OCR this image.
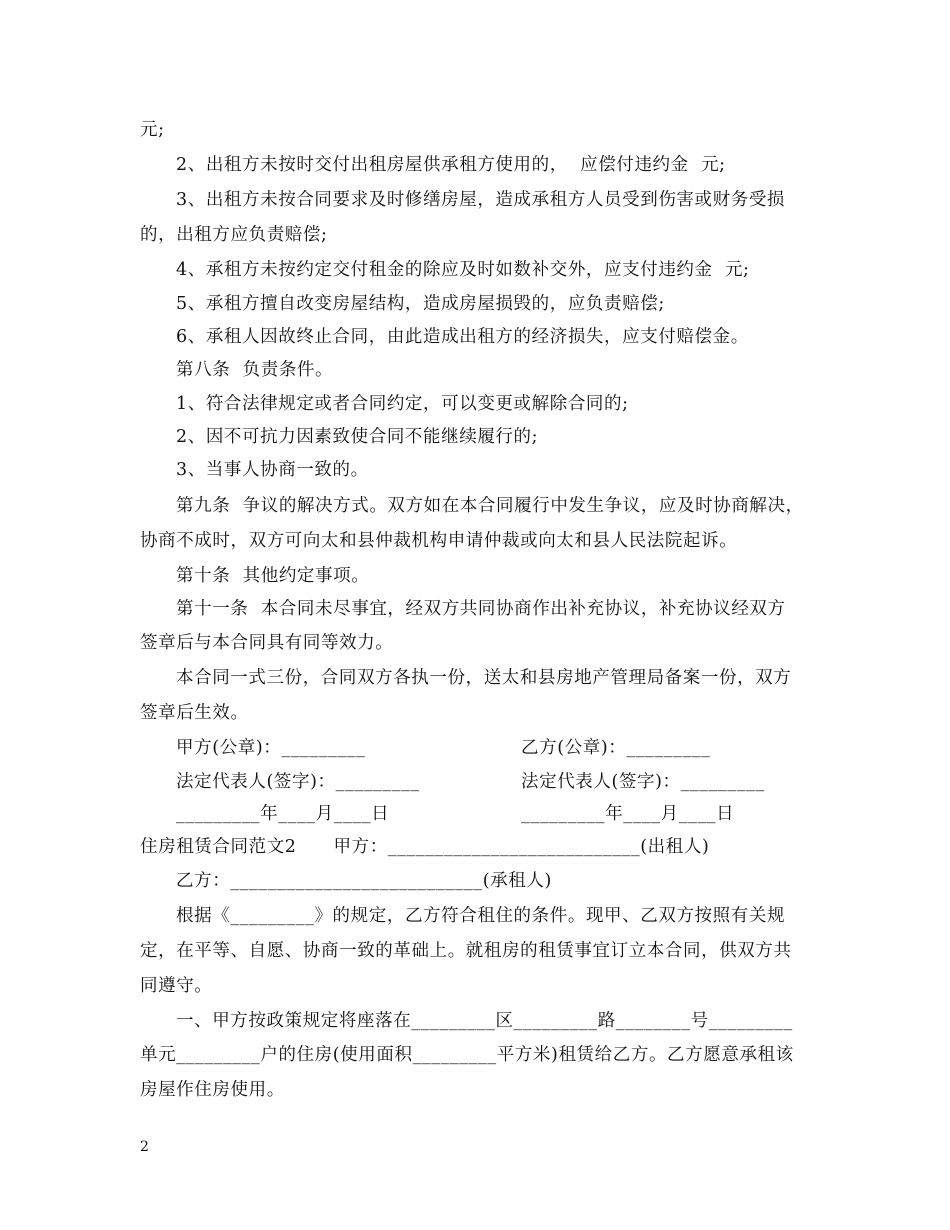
元;
2、出租方未按时交付出租房屋供承租方使用的，  应偿付违约金  元;
3、出租方未按合同要求及时修缮房屋，造成承租方人员受到伤害或财务受损
的，出租方应负责赔偿;
4、承租方未按约定交付租金的除应及时如数补交外，应支付违约金  元;
5、承租方擅自改变房屋结构，造成房屋损毁的，应负责赔偿;
6、承租人因故终止合同，由此造成出租方的经济损失，应支付赔偿金。
第八条  负责条件。
1、符合法律规定或者合同约定，可以变更或解除合同的;
2、因不可抗力因素致使合同不能继续履行的;
3、当事人协商一致的。
第九条  争议的解决方式。双方如在本合同履行中发生争议，应及时协商解决，
协商不成时，双方可向太和县仲裁机构申请仲裁或向太和县人民法院起诉。
第十条  其他约定事项。
第十一条  本合同未尽事宜，经双方共同协商作出补充协议，补充协议经双方
签章后与本合同具有同等效力。
本合同一式三份，合同双方各执一份，送太和县房地产管理局备案一份，双方
签章后生效。
甲方(公章)：_________	乙方(公章)：_________
法定代表人(签字)：_________	法定代表人(签字)：_________
_________年____月____日	_________年____月____日
住房租赁合同范文2      甲方：___________________________(出租人)
乙方：___________________________(承租人)
根据《_________》的规定，乙方符合租住的条件。现甲、乙双方按照有关规
定，在平等、自愿、协商一致的革础上。就租房的租赁事宜订立本合同，供双方共
同遵守。
一、甲方按政策规定将座落在_________区_________路________号_________
单元_________户的住房(使用面积_________平方米)租赁给乙方。乙方愿意承租该
房屋作住房使用。
2
